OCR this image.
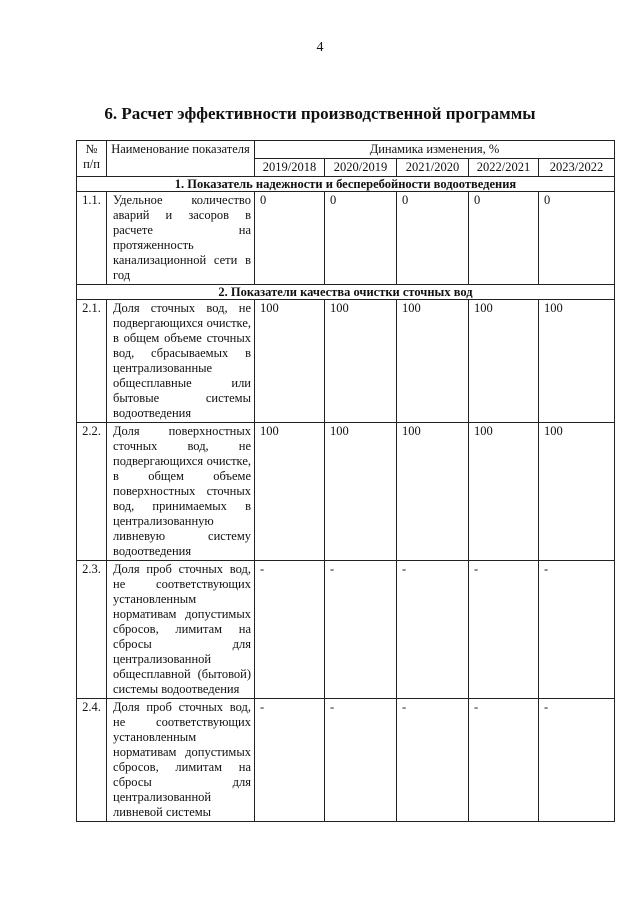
4
6. Расчет эффективности производственной программы
№ п/п	Наименование показателя	Динамика изменения, %				
		2019/2018	2020/2019	2021/2020	2022/2021	2023/2022
1. Показатель надежности и бесперебойности водоотведения						
1.1.	Удельное количество аварий и засоров в расчете на протяженность канализационной сети в год	0	0	0	0	0
2. Показатели качества очистки сточных вод						
2.1.	Доля сточных вод, не подвергающихся очистке, в общем объеме сточных вод, сбрасываемых в централизованные общесплавные или бытовые системы водоотведения	100	100	100	100	100
2.2.	Доля поверхностных сточных вод, не подвергающихся очистке, в общем объеме поверхностных сточных вод, принимаемых в централизованную ливневую систему водоотведения	100	100	100	100	100
2.3.	Доля проб сточных вод, не соответствующих установленным нормативам допустимых сбросов, лимитам на сбросы для централизованной общесплавной (бытовой) системы водоотведения	-	-	-	-	-
2.4.	Доля проб сточных вод, не соответствующих установленным нормативам допустимых сбросов, лимитам на сбросы для централизованной ливневой системы	-	-	-	-	-
